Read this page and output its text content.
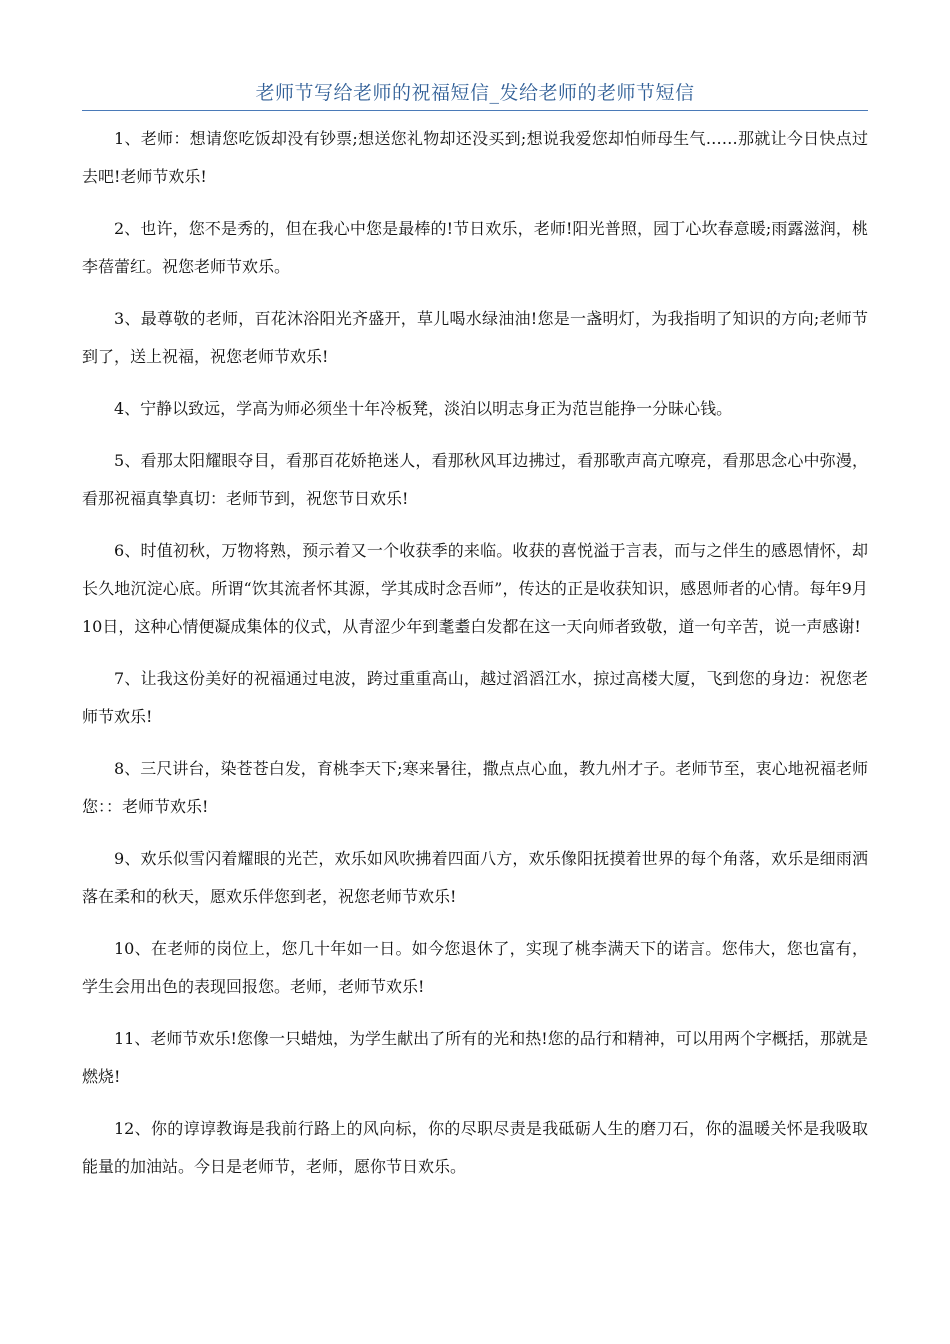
老师节写给老师的祝福短信_发给老师的老师节短信

1、老师：想请您吃饭却没有钞票;想送您礼物却还没买到;想说我爱您却怕师母生气……那就让今日快点过去吧!老师节欢乐!

2、也许，您不是秀的，但在我心中您是最棒的!节日欢乐，老师!阳光普照，园丁心坎春意暖;雨露滋润，桃李蓓蕾红。祝您老师节欢乐。

3、最尊敬的老师，百花沐浴阳光齐盛开，草儿喝水绿油油!您是一盏明灯，为我指明了知识的方向;老师节到了，送上祝福，祝您老师节欢乐!

4、宁静以致远，学高为师必须坐十年冷板凳，淡泊以明志身正为范岂能挣一分昧心钱。

5、看那太阳耀眼夺目，看那百花娇艳迷人，看那秋风耳边拂过，看那歌声高亢嘹亮，看那思念心中弥漫，看那祝福真挚真切：老师节到，祝您节日欢乐!

6、时值初秋，万物将熟，预示着又一个收获季的来临。收获的喜悦溢于言表，而与之伴生的感恩情怀，却长久地沉淀心底。所谓“饮其流者怀其源，学其成时念吾师”，传达的正是收获知识，感恩师者的心情。每年9月10日，这种心情便凝成集体的仪式，从青涩少年到耄耋白发都在这一天向师者致敬，道一句辛苦，说一声感谢!

7、让我这份美好的祝福通过电波，跨过重重高山，越过滔滔江水，掠过高楼大厦，飞到您的身边：祝您老师节欢乐!

8、三尺讲台，染苍苍白发，育桃李天下;寒来暑往，撒点点心血，教九州才子。老师节至，衷心地祝福老师您：：老师节欢乐!

9、欢乐似雪闪着耀眼的光芒，欢乐如风吹拂着四面八方，欢乐像阳抚摸着世界的每个角落，欢乐是细雨洒落在柔和的秋天，愿欢乐伴您到老，祝您老师节欢乐!

10、在老师的岗位上，您几十年如一日。如今您退休了，实现了桃李满天下的诺言。您伟大，您也富有，学生会用出色的表现回报您。老师，老师节欢乐!

11、老师节欢乐!您像一只蜡烛，为学生献出了所有的光和热!您的品行和精神，可以用两个字概括，那就是燃烧!

12、你的谆谆教诲是我前行路上的风向标，你的尽职尽责是我砥砺人生的磨刀石，你的温暖关怀是我吸取能量的加油站。今日是老师节，老师，愿你节日欢乐。
